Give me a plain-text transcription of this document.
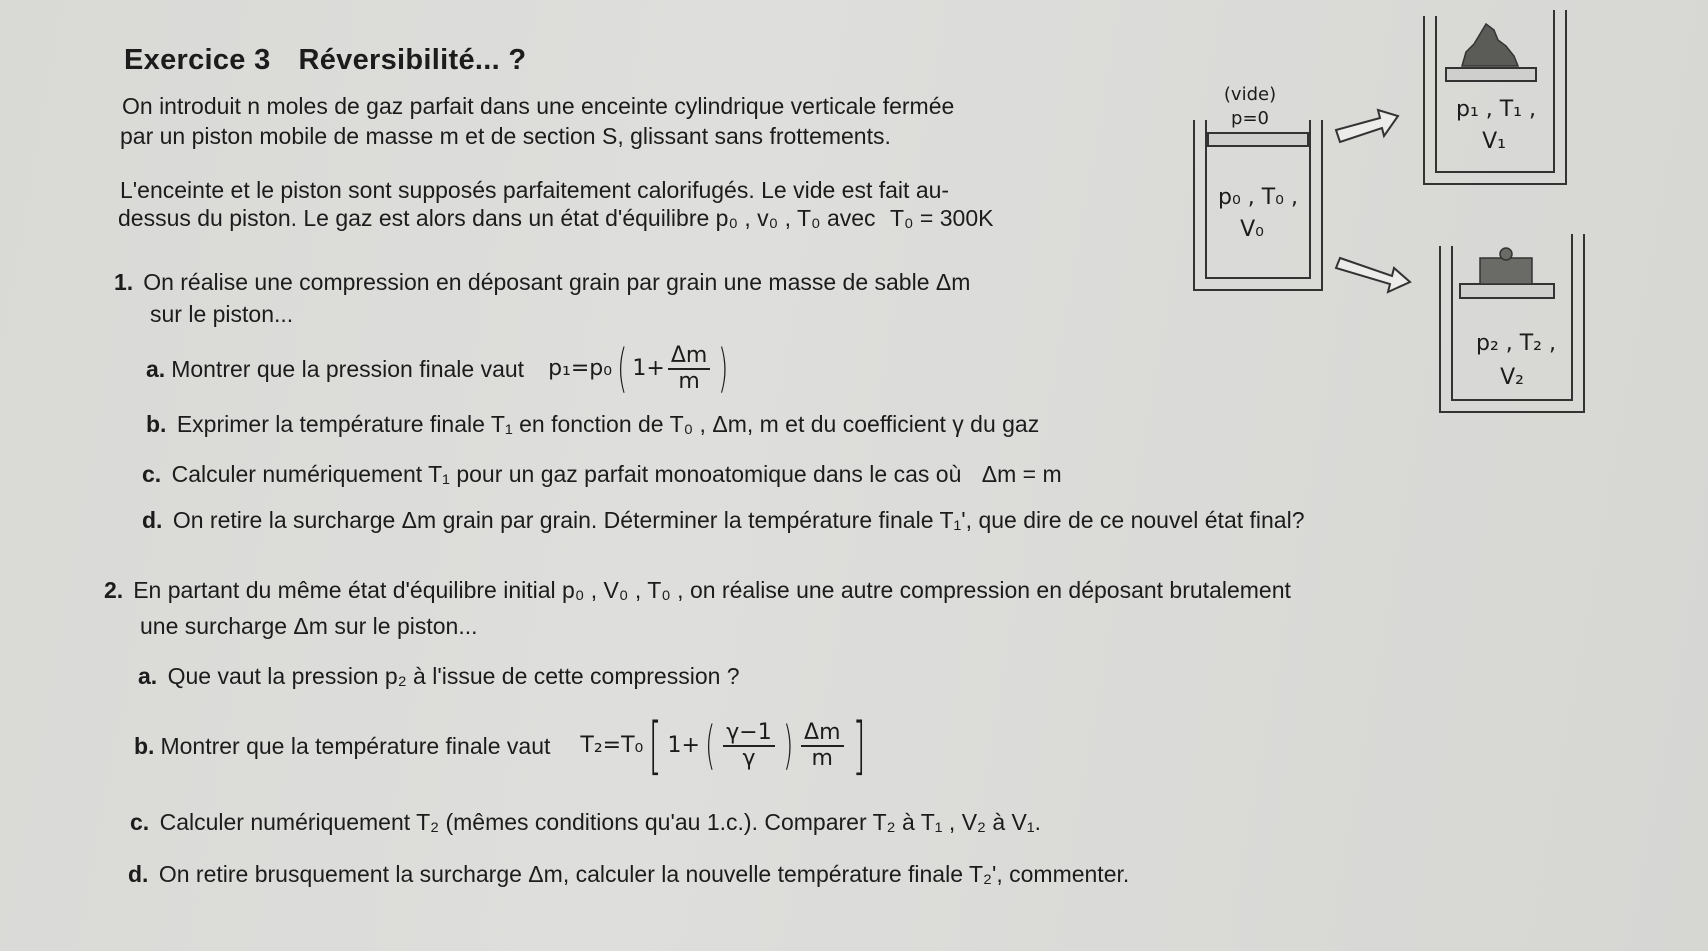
Exercice 3 Réversibilité... ?
On introduit n moles de gaz parfait dans une enceinte cylindrique verticale fermée
par un piston mobile de masse m et de section S, glissant sans frottements.
L'enceinte et le piston sont supposés parfaitement calorifugés. Le vide est fait au-
dessus du piston. Le gaz est alors dans un état d'équilibre p₀ , v₀ , T₀ avec T₀ = 300K
1. On réalise une compression en déposant grain par grain une masse de sable Δm
sur le piston...
a. Montrer que la pression finale vaut p₁=p₀ ( $1+ \frac{\Delta m}{m}$ )
b. Exprimer la température finale T₁ en fonction de T₀ , Δm, m et du coefficient γ du gaz
c. Calculer numériquement T₁ pour un gaz parfait monoatomique dans le cas où Δm = m
d. On retire la surcharge Δm grain par grain. Déterminer la température finale T₁', que dire de ce nouvel état final?
2. En partant du même état d'équilibre initial p₀ , V₀ , T₀ , on réalise une autre compression en déposant brutalement
une surcharge Δm sur le piston...
a. Que vaut la pression p₂ à l'issue de cette compression ?
b. Montrer que la température finale vaut T₂=T₀ [ 1+ ( $\frac{\gamma-1}{\gamma}$ ) $\frac{\Delta m}{m}$ ]
c. Calculer numériquement T₂ (mêmes conditions qu'au 1.c.). Comparer T₂ à T₁ , V₂ à V₁.
d. On retire brusquement la surcharge Δm, calculer la nouvelle température finale T₂', commenter.
(vide)
p=0
p₀ , T₀ ,
V₀
p₁ , T₁ ,
V₁
p₂ , T₂ ,
V₂
